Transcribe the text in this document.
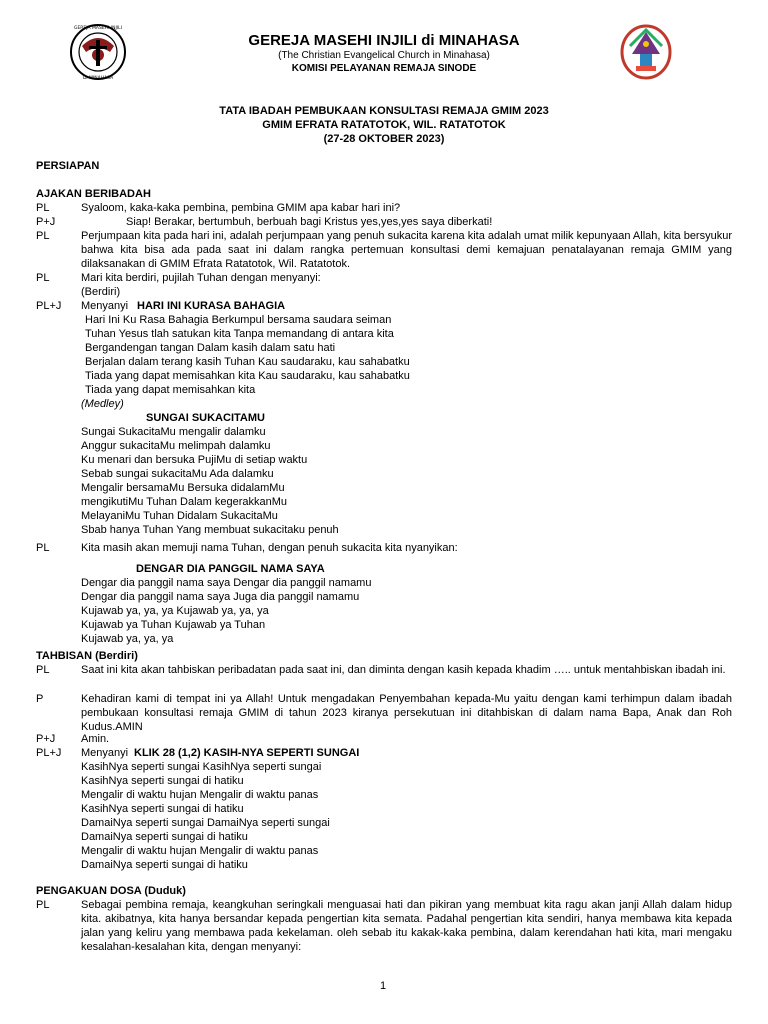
GEREJA MASEHI INJILI
DI MINAHASA
GEREJA MASEHI INJILI di MINAHASA
(The Christian Evangelical Church in Minahasa)
KOMISI PELAYANAN REMAJA SINODE
TATA IBADAH PEMBUKAAN KONSULTASI REMAJA GMIM 2023
GMIM EFRATA RATATOTOK, WIL. RATATOTOK
(27-28 OKTOBER 2023)
PERSIAPAN
AJAKAN BERIBADAH
PL	Syaloom, kaka-kaka pembina, pembina GMIM apa kabar hari ini?
P+J	Siap! Berakar, bertumbuh, berbuah bagi Kristus yes,yes,yes saya diberkati!
PL	Perjumpaan kita pada hari ini, adalah perjumpaan yang penuh sukacita karena kita adalah umat milik kepunyaan Allah, kita bersyukur bahwa kita bisa ada pada saat ini dalam rangka pertemuan konsultasi demi kemajuan penatalayanan remaja GMIM yang dilaksanakan di GMIM Efrata Ratatotok, Wil. Ratatotok.
PL	Mari kita berdiri, pujilah Tuhan dengan menyanyi:
(Berdiri)
PL+J Menyanyi HARI INI KURASA BAHAGIA
Hari Ini Ku Rasa Bahagia Berkumpul bersama saudara seiman
Tuhan Yesus tlah satukan kita Tanpa memandang di antara kita
Bergandengan tangan Dalam kasih dalam satu hati
Berjalan dalam terang kasih Tuhan Kau saudaraku, kau sahabatku
Tiada yang dapat memisahkan kita Kau saudaraku, kau sahabatku
Tiada yang dapat memisahkan kita
(Medley)
SUNGAI SUKACITAMU
Sungai SukacitaMu mengalir dalamku
Anggur sukacitaMu melimpah dalamku
Ku menari dan bersuka PujiMu di setiap waktu
Sebab sungai sukacitaMu Ada dalamku
Mengalir bersamaMu Bersuka didalamMu
mengikutiMu Tuhan Dalam kegerakkanMu
MelayaniMu Tuhan Didalam SukacitaMu
Sbab hanya Tuhan Yang membuat sukacitaku penuh
PL	Kita masih akan memuji nama Tuhan, dengan penuh sukacita kita nyanyikan:
DENGAR DIA PANGGIL NAMA SAYA
Dengar dia panggil nama saya Dengar dia panggil namamu
Dengar dia panggil nama saya Juga dia panggil namamu
Kujawab ya, ya, ya Kujawab ya, ya, ya
Kujawab ya Tuhan Kujawab ya Tuhan
Kujawab ya, ya, ya
TAHBISAN (Berdiri)
PL	Saat ini kita akan tahbiskan peribadatan pada saat ini, dan diminta dengan kasih kepada khadim ….. untuk mentahbiskan ibadah ini.
P	Kehadiran kami di tempat ini ya Allah! Untuk mengadakan Penyembahan kepada-Mu yaitu dengan kami terhimpun dalam ibadah pembukaan konsultasi remaja GMIM di tahun 2023 kiranya persekutuan ini ditahbiskan di dalam nama Bapa, Anak dan Roh Kudus.AMIN
P+J Amin.
PL+J Menyanyi KLIK 28 (1,2) KASIH-NYA SEPERTI SUNGAI
KasihNya seperti sungai KasihNya seperti sungai
KasihNya seperti sungai di hatiku
Mengalir di waktu hujan Mengalir di waktu panas
KasihNya seperti sungai di hatiku
DamaiNya seperti sungai DamaiNya seperti sungai
DamaiNya seperti sungai di hatiku
Mengalir di waktu hujan Mengalir di waktu panas
DamaiNya seperti sungai di hatiku
PENGAKUAN DOSA (Duduk)
PL	Sebagai pembina remaja, keangkuhan seringkali menguasai hati dan pikiran yang membuat kita ragu akan janji Allah dalam hidup kita. akibatnya, kita hanya bersandar kepada pengertian kita semata. Padahal pengertian kita sendiri, hanya membawa kita kepada jalan yang keliru yang membawa pada kekelaman. oleh sebab itu kakak-kaka pembina, dalam kerendahan hati kita, mari mengaku kesalahan-kesalahan kita, dengan menyanyi:
1
